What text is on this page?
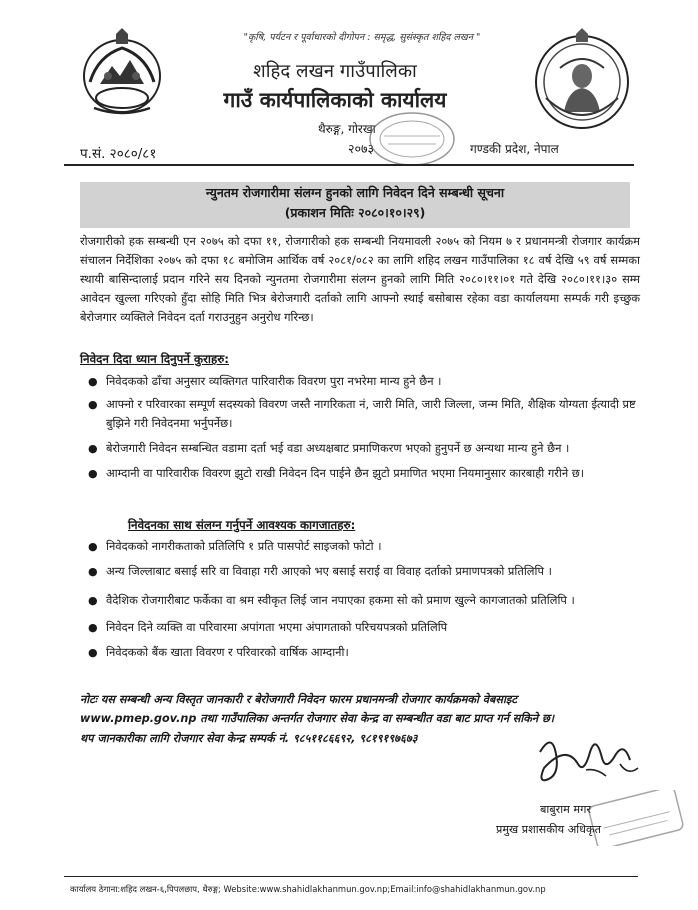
"कृषि, पर्यटन र पूर्वाधारको दीगोपन : समृद्ध, सुसंस्कृत शहिद लखन "
शहिद लखन गाउँपालिका
गाउँ कार्यपालिकाको कार्यालय
थैरुङ्ग, गोरखा
२०७३	गण्डकी प्रदेश, नेपाल
प.सं. २०८०/८१
न्युनतम रोजगारीमा संलग्न हुनको लागि निवेदन दिने सम्बन्धी सूचना
(प्रकाशन मितिः २०८०।१०।२९)
रोजगारीको हक सम्बन्धी एन २०७५ को दफा ११, रोजगारीको हक सम्बन्धी नियमावली २०७५ को नियम ७ र प्रधानमन्त्री रोजगार कार्यक्रम संचालन निर्देशिका २०७५ को दफा १८ बमोजिम आर्थिक वर्ष २०८१/०८२ का लागि शहिद लखन गाउँपालिका १८ वर्ष देखि ५९ वर्ष सम्मका स्थायी बासिन्दालाई प्रदान गरिने सय दिनको न्युनतमा रोजगारीमा संलग्न हुनको लागि मिति २०८०।११।०१ गते देखि २०८०।११।३० सम्म आवेदन खुल्ला गरिएको हुँदा सोहि मिति भित्र बेरोजगारी दर्ताको लागि आफ्नो स्थाई बसोबास रहेका वडा कार्यालयमा सम्पर्क गरी इच्छुक बेरोजगार व्यक्तिले निवेदन दर्ता गराउनुहुन अनुरोध गरिन्छ।
निवेदन दिदा ध्यान दिनुपर्ने कुराहरु:
● निवेदकको ढाँचा अनुसार व्यक्तिगत पारिवारीक विवरण पुरा नभरेमा मान्य हुने छैन ।
● आफ्नो र परिवारका सम्पूर्ण सदस्यको विवरण जस्तै नागरिकता नं, जारी मिति, जारी जिल्ला, जन्म मिति, शैक्षिक योग्यता ईत्यादी प्रष्ट बुझिने गरी निवेदनमा भर्नुपर्नेछ।
● बेरोजगारी निवेदन सम्बन्धित वडामा दर्ता भई वडा अध्यक्षबाट प्रमाणिकरण भएको हुनुपर्ने छ अन्यथा मान्य हुने छैन ।
● आम्दानी वा पारिवारीक विवरण झुटो राखी निवेदन दिन पाईने छैन झुटो प्रमाणित भएमा नियमानुसार कारबाही गरीने छ।
निवेदनका साथ संलग्न गर्नुपर्ने आवश्यक कागजातहरु:
● निवेदकको नागरीकताको प्रतिलिपि १ प्रति पासपोर्ट साइजको फोटो ।
● अन्य जिल्लाबाट बसाई सरि वा विवाहा गरी आएको भए बसाई सराई वा विवाह दर्ताको प्रमाणपत्रको प्रतिलिपि ।
● वैदेशिक रोजगारीबाट फर्केका वा श्रम स्वीकृत लिई जान नपाएका हकमा सो को प्रमाण खुल्ने कागजातको प्रतिलिपि ।
● निवेदन दिने व्यक्ति वा परिवारमा अपांगता भएमा अंपागताको परिचयपत्रको प्रतिलिपि
● निवेदकको बैंक खाता विवरण र परिवारको वार्षिक आम्दानी।
नोटः यस सम्बन्धी अन्य विस्तृत जानकारी र बेरोजगारी निवेदन फारम प्रधानमन्त्री रोजगार कार्यक्रमको वेबसाइट
www.pmep.gov.np तथा गाउँपालिका अन्तर्गत रोजगार सेवा केन्द्र वा सम्बन्धीत वडा बाट प्राप्त गर्न सकिने छ।
थप जानकारीका लागि रोजगार सेवा केन्द्र सम्पर्क नं. ९८५११८६६९२, ९८१९१९७६७३
बाबुराम मगर
प्रमुख प्रशासकीय अधिकृत
कार्यालय ठेगाना:शहिद लखन-६,पिपलछाप, थैरुङ्ग; Website:www.shahidlakhanmun.gov.np;Email:info@shahidlakhanmun.gov.np
